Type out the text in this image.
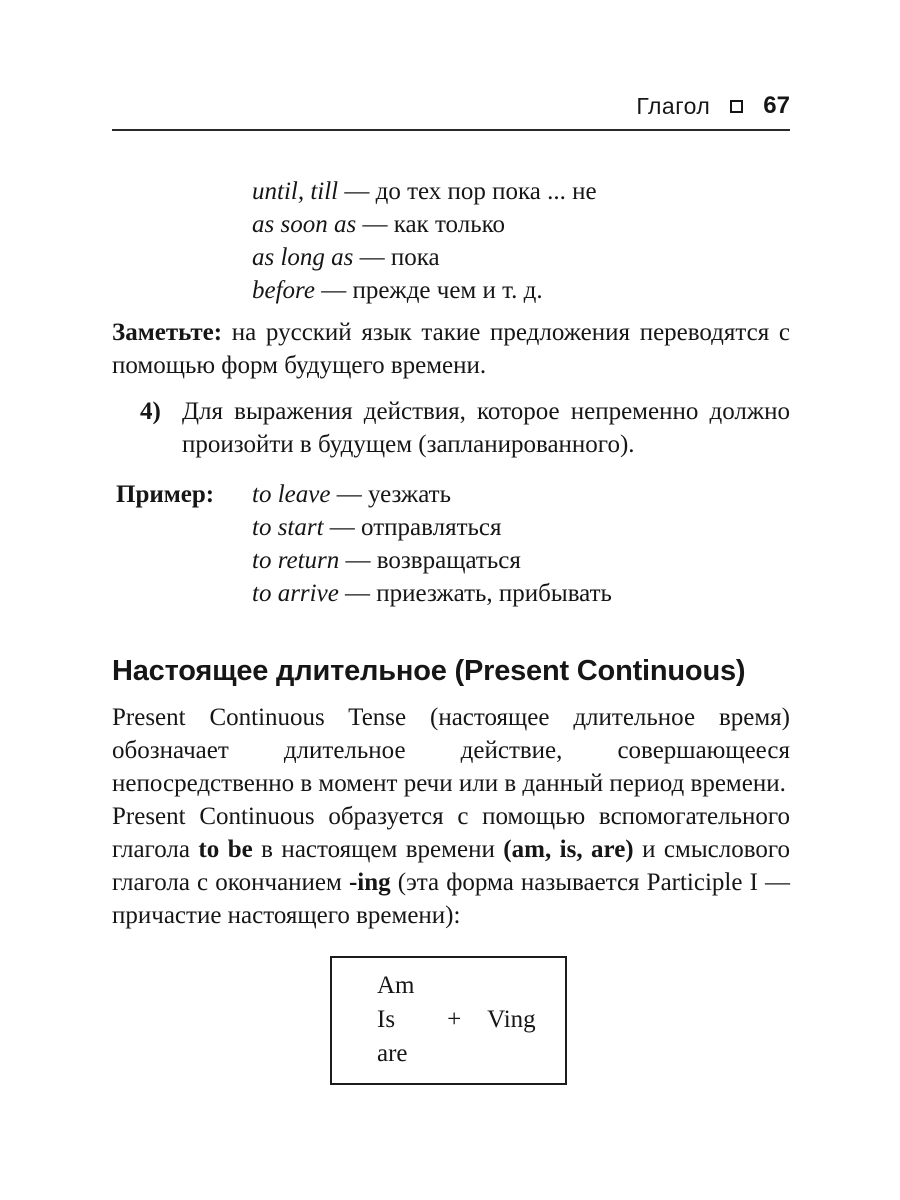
Глагол 67
until, till — до тех пор пока ... не
as soon as — как только
as long as — пока
before — прежде чем и т. д.

Заметьте: на русский язык такие предложения переводятся с помощью форм будущего времени.

4) Для выражения действия, которое непременно должно произойти в будущем (запланированного).
Пример:	to leave — уезжать
to start — отправляться
to return — возвращаться
to arrive — приезжать, прибывать
Настоящее длительное (Present Continuous)

Present Continuous Tense (настоящее длительное время) обозначает длительное действие, совершающееся непосредственно в момент речи или в данный период времени.

Present Continuous образуется с помощью вспомогательного глагола to be в настоящем времени (am, is, are) и смыслового глагола с окончанием -ing (эта форма называется Participle I — причастие настоящего времени):

Am
Is + Ving
are
